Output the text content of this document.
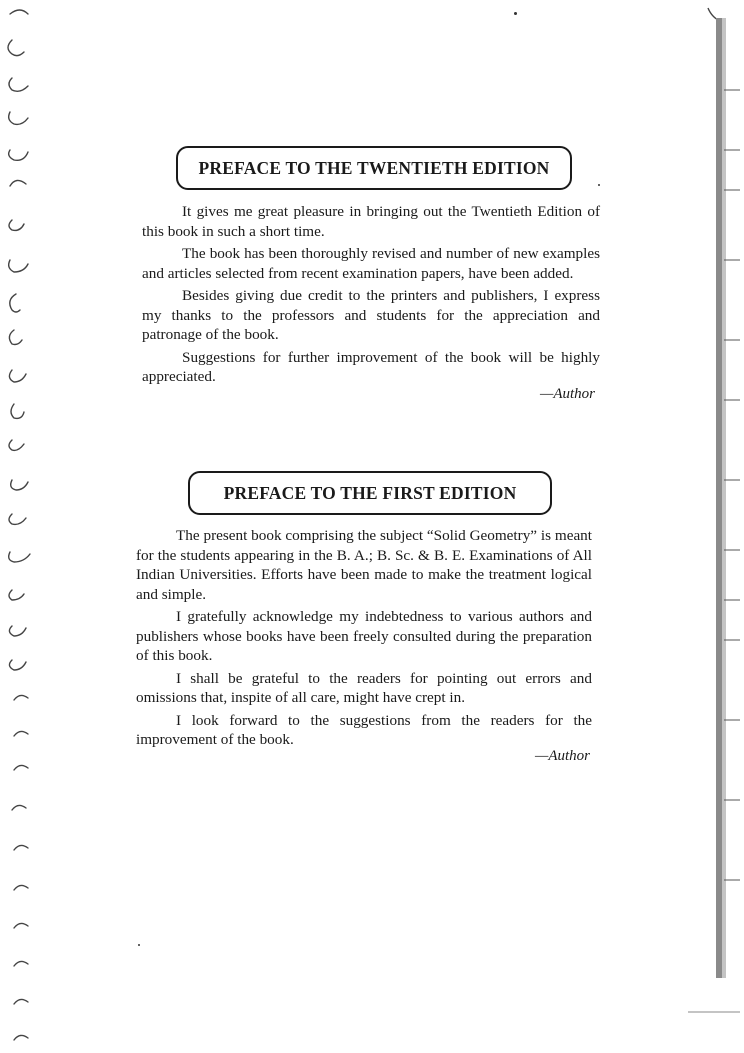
PREFACE TO THE TWENTIETH EDITION

It gives me great pleasure in bringing out the Twentieth Edition of this book in such a short time.

The book has been thoroughly revised and number of new examples and articles selected from recent examination papers, have been added.

Besides giving due credit to the printers and publishers, I express my thanks to the professors and students for the appreciation and patronage of the book.

Suggestions for further improvement of the book will be highly appreciated.

—Author
PREFACE TO THE FIRST EDITION

The present book comprising the subject “Solid Geometry” is meant for the students appearing in the B. A.; B. Sc. & B. E. Examinations of All Indian Universities. Efforts have been made to make the treatment logical and simple.

I gratefully acknowledge my indebtedness to various authors and publishers whose books have been freely consulted during the preparation of this book.

I shall be grateful to the readers for pointing out errors and omissions that, inspite of all care, might have crept in.

I look forward to the suggestions from the readers for the improvement of the book.

—Author
